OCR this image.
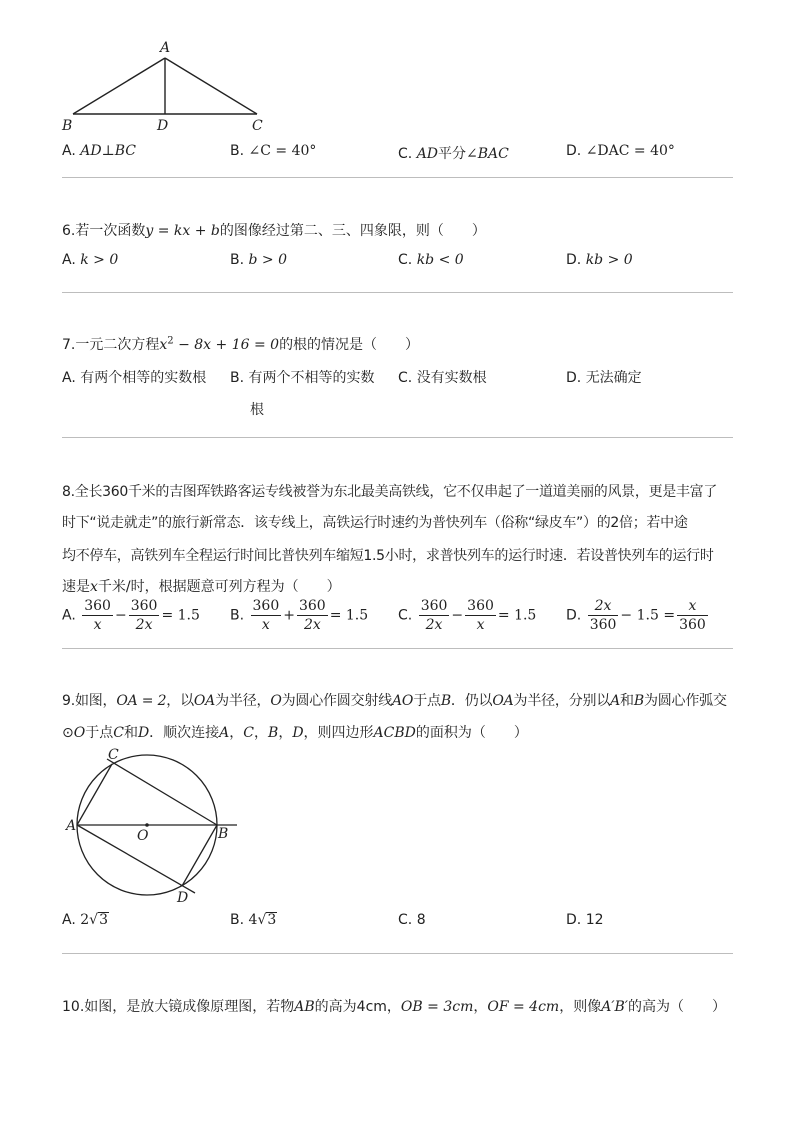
A
B	D	C
A. AD⊥BC	B. ∠C = 40°	C. AD平分∠BAC	D. ∠DAC = 40°
6.若一次函数y = kx + b的图像经过第二、三、四象限，则（　　）
A. k > 0	B. b > 0	C. kb < 0	D. kb > 0
7.一元二次方程$x^2 - 8x + 16 = 0$的根的情况是（　　）
A. 有两个相等的实数根 B. 有两个不相等的实数
根
C. 没有实数根	D. 无法确定
8.全长360千米的吉图珲铁路客运专线被誉为东北最美高铁线，它不仅串起了一道道美丽的风景，更是丰富了
时下“说走就走”的旅行新常态．该专线上，高铁运行时速约为普快列车（俗称“绿皮车”）的2倍；若中途
均不停车，高铁列车全程运行时间比普快列车缩短1.5小时，求普快列车的运行时速．若设普快列车的运行时
速是x千米/时，根据题意可列方程为（　　）
A. $\frac{360}{x} - \frac{360}{2x} = 1.5$ B. $\frac{360}{x} + \frac{360}{2x} = 1.5$ C. $\frac{360}{2x} - \frac{360}{x} = 1.5$ D. $\frac{2x}{360} - 1.5 = \frac{x}{360}$
9.如图，OA = 2，以OA为半径，O为圆心作圆交射线AO于点B．仍以OA为半径，分别以A和B为圆心作弧交
⊙O于点C和D．顺次连接A，C，B，D，则四边形ACBD的面积为（　　）
C
A
O	B
D
A. 2√3	B. 4√3	C. 8	D. 12
10.如图，是放大镜成像原理图，若物AB的高为4cm，OB = 3cm，OF = 4cm，则像A′B′的高为（　　）
